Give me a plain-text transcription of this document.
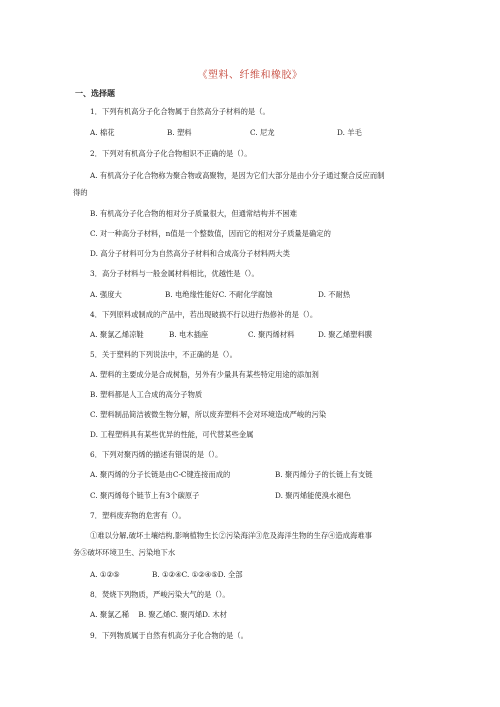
《塑料、纤维和橡胶》
一、选择题
1．下列有机高分子化合物属于自然高分子材料的是（。
A. 棉花	B. 塑料	C. 尼龙	D. 羊毛
2．下列对有机高分子化合物相识不正确的是（）。
A. 有机高分子化合物称为聚合物或高聚物，是因为它们大部分是由小分子通过聚合反应而制
得的
B. 有机高分子化合物的相对分子质量很大，但通常结构并不困难
C. 对一种高分子材料，n值是一个整数值，因而它的相对分子质量是确定的
D. 高分子材料可分为自然高分子材料和合成高分子材料两大类
3．高分子材料与一般金属材料相比，优越性是（）。
A. 强度大	B. 电绝缘性能好C. 不耐化学腐蚀	D. 不耐热
4．下列原料或制成的产品中，若出现破损不行以进行热修补的是（）。
A. 聚氯乙烯凉鞋	B. 电木插座	C. 聚丙烯材料	D. 聚乙烯塑料膜
5．关于塑料的下列说法中，不正确的是（）。
A. 塑料的主要成分是合成树脂，另外有少量具有某些特定用途的添加剂
B. 塑料都是人工合成的高分子物质
C. 塑料制品简洁被微生物分解，所以废弃塑料不会对环境造成严峻的污染
D. 工程塑料具有某些优异的性能，可代替某些金属
6．下列对聚丙烯的描述有错误的是（）。
A. 聚丙烯的分子长链是由C-C键连接而成的	B. 聚丙烯分子的长链上有支链
C. 聚丙烯每个链节上有3个碳原子	D. 聚丙烯能使溴水褪色
7．塑料废弃物的危害有（）。
①难以分解,破坏土壤结构,影响植物生长②污染海洋③危及海洋生物的生存④造成海难事
务⑤破坏环境卫生、污染地下水
A. ①②⑤	B. ①②④C. ①②④⑤D. 全部
8．焚烧下列物质，严峻污染大气的是（）。
A. 聚氯乙稀    B. 聚乙烯C. 聚丙烯D. 木材
9．下列物质属于自然有机高分子化合物的是（。
